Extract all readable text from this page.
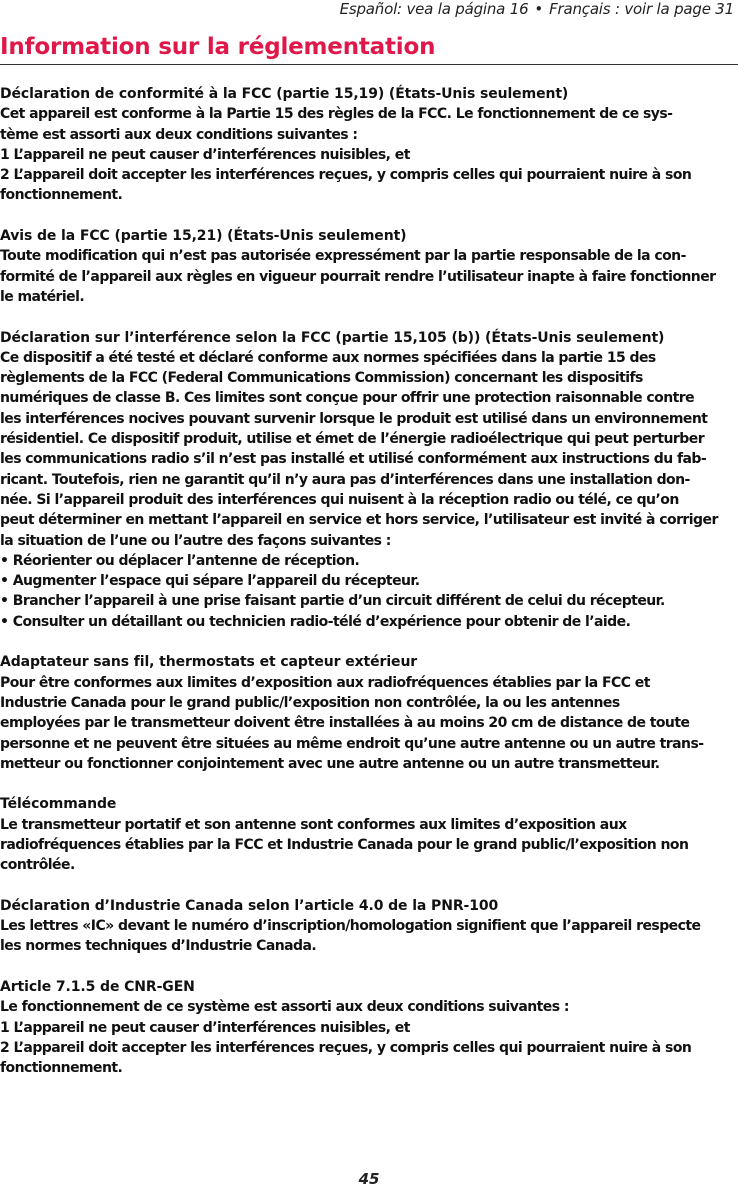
Español: vea la página 16 • Français : voir la page 31
Information sur la réglementation
Déclaration de conformité à la FCC (partie 15,19) (États-Unis seulement)

Cet appareil est conforme à la Partie 15 des règles de la FCC. Le fonctionnement de ce sys-

tème est assorti aux deux conditions suivantes :

1 L’appareil ne peut causer d’interférences nuisibles, et

2 L’appareil doit accepter les interférences reçues, y compris celles qui pourraient nuire à son

fonctionnement.

Avis de la FCC (partie 15,21) (États-Unis seulement)

Toute modification qui n’est pas autorisée expressément par la partie responsable de la con-

formité de l’appareil aux règles en vigueur pourrait rendre l’utilisateur inapte à faire fonctionner

le matériel.

Déclaration sur l’interférence selon la FCC (partie 15,105 (b)) (États-Unis seulement)

Ce dispositif a été testé et déclaré conforme aux normes spécifiées dans la partie 15 des

règlements de la FCC (Federal Communications Commission) concernant les dispositifs

numériques de classe B. Ces limites sont conçue pour offrir une protection raisonnable contre

les interférences nocives pouvant survenir lorsque le produit est utilisé dans un environnement

résidentiel. Ce dispositif produit, utilise et émet de l’énergie radioélectrique qui peut perturber

les communications radio s’il n’est pas installé et utilisé conformément aux instructions du fab-

ricant. Toutefois, rien ne garantit qu’il n’y aura pas d’interférences dans une installation don-

née. Si l’appareil produit des interférences qui nuisent à la réception radio ou télé, ce qu’on

peut déterminer en mettant l’appareil en service et hors service, l’utilisateur est invité à corriger

la situation de l’une ou l’autre des façons suivantes :

• Réorienter ou déplacer l’antenne de réception.

• Augmenter l’espace qui sépare l’appareil du récepteur.

• Brancher l’appareil à une prise faisant partie d’un circuit différent de celui du récepteur.

• Consulter un détaillant ou technicien radio-télé d’expérience pour obtenir de l’aide.

Adaptateur sans fil, thermostats et capteur extérieur

Pour être conformes aux limites d’exposition aux radiofréquences établies par la FCC et

Industrie Canada pour le grand public/l’exposition non contrôlée, la ou les antennes

employées par le transmetteur doivent être installées à au moins 20 cm de distance de toute

personne et ne peuvent être situées au même endroit qu’une autre antenne ou un autre trans-

metteur ou fonctionner conjointement avec une autre antenne ou un autre transmetteur.

Télécommande

Le transmetteur portatif et son antenne sont conformes aux limites d’exposition aux

radiofréquences établies par la FCC et Industrie Canada pour le grand public/l’exposition non

contrôlée.

Déclaration d’Industrie Canada selon l’article 4.0 de la PNR-100

Les lettres «IC» devant le numéro d’inscription/homologation signifient que l’appareil respecte

les normes techniques d’Industrie Canada.

Article 7.1.5 de CNR-GEN

Le fonctionnement de ce système est assorti aux deux conditions suivantes :

1 L’appareil ne peut causer d’interférences nuisibles, et

2 L’appareil doit accepter les interférences reçues, y compris celles qui pourraient nuire à son

fonctionnement.

45
